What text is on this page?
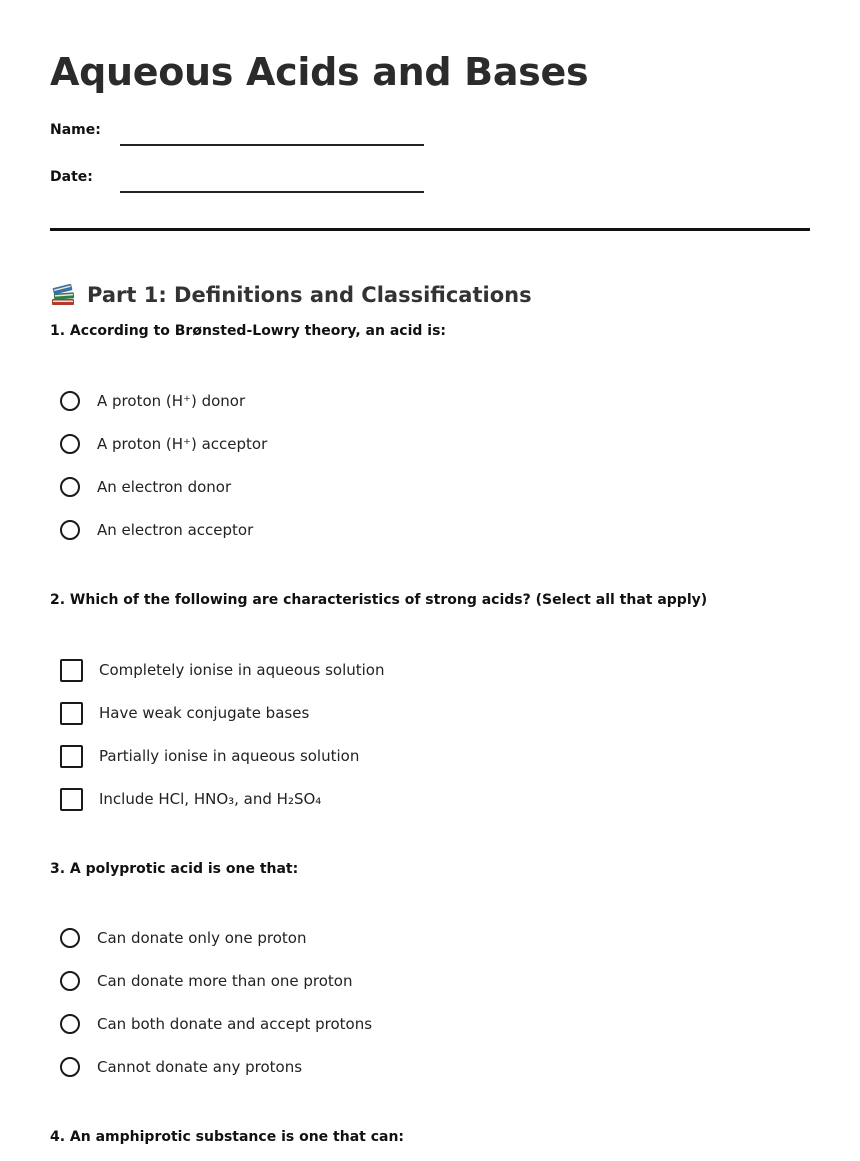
Aqueous Acids and Bases
Name:
Date:
Part 1: Definitions and Classifications
1. According to Brønsted-Lowry theory, an acid is:
A proton (H⁺) donor
A proton (H⁺) acceptor
An electron donor
An electron acceptor
2. Which of the following are characteristics of strong acids? (Select all that apply)
Completely ionise in aqueous solution
Have weak conjugate bases
Partially ionise in aqueous solution
Include HCl, HNO₃, and H₂SO₄
3. A polyprotic acid is one that:
Can donate only one proton
Can donate more than one proton
Can both donate and accept protons
Cannot donate any protons
4. An amphiprotic substance is one that can:
